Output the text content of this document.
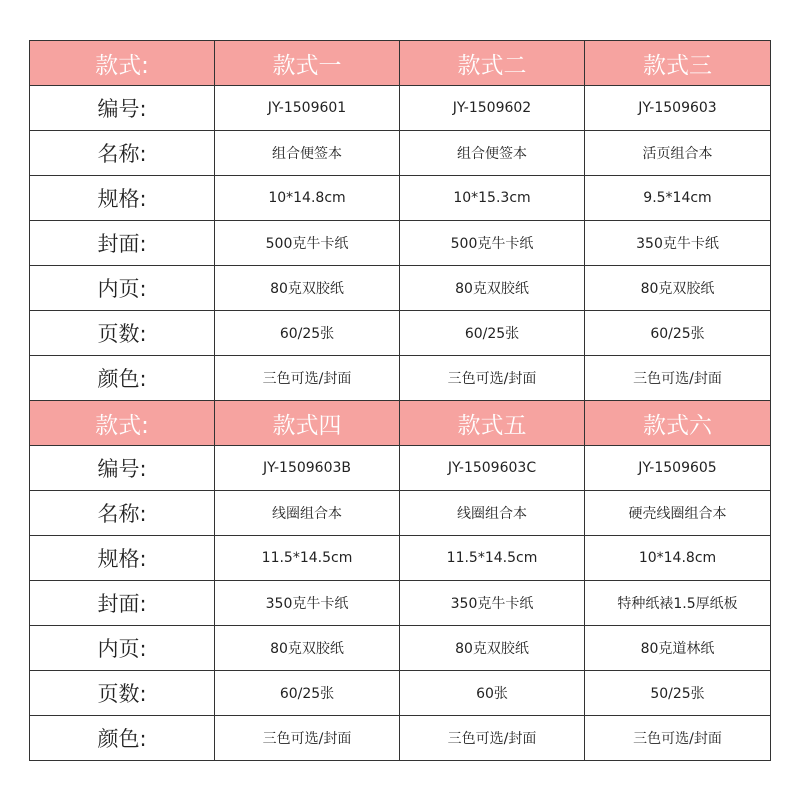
款式:	款式一	款式二	款式三
编号:	JY-1509601	JY-1509602	JY-1509603
名称:	组合便签本	组合便签本	活页组合本
规格:	10*14.8cm	10*15.3cm	9.5*14cm
封面:	500克牛卡纸	500克牛卡纸	350克牛卡纸
内页:	80克双胶纸	80克双胶纸	80克双胶纸
页数:	60/25张	60/25张	60/25张
颜色:	三色可选/封面	三色可选/封面	三色可选/封面
款式:	款式四	款式五	款式六
编号:	JY-1509603B	JY-1509603C	JY-1509605
名称:	线圈组合本	线圈组合本	硬壳线圈组合本
规格:	11.5*14.5cm	11.5*14.5cm	10*14.8cm
封面:	350克牛卡纸	350克牛卡纸	特种纸裱1.5厚纸板
内页:	80克双胶纸	80克双胶纸	80克道林纸
页数:	60/25张	60张	50/25张
颜色:	三色可选/封面	三色可选/封面	三色可选/封面
